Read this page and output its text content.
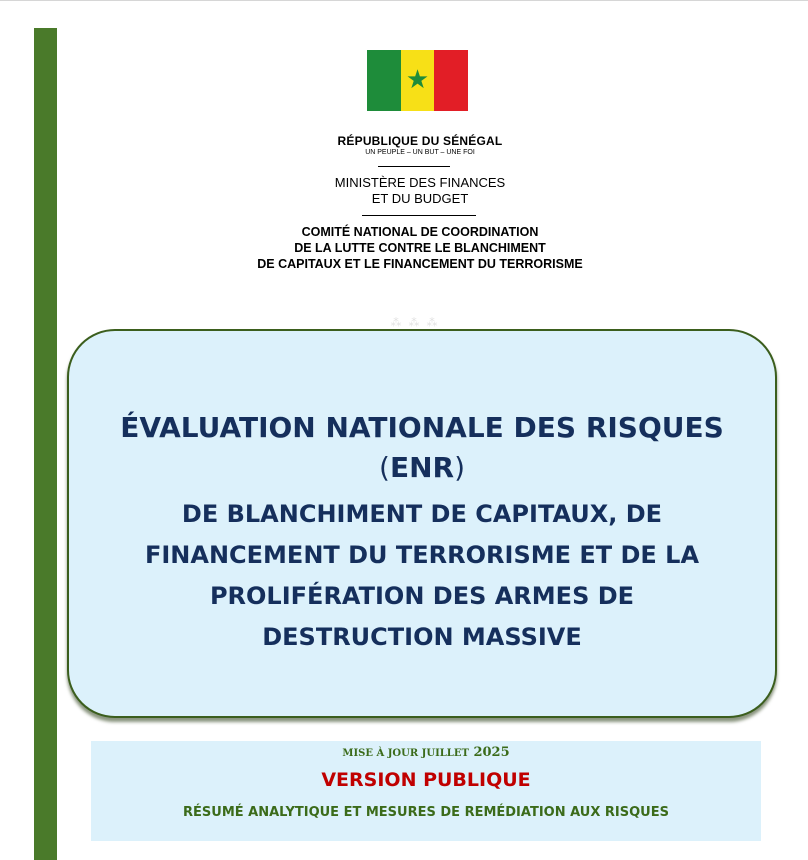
★
RÉPUBLIQUE DU SÉNÉGAL
UN PEUPLE – UN BUT – UNE FOI
MINISTÈRE DES FINANCES
ET DU BUDGET
COMITÉ NATIONAL DE COORDINATION
DE LA LUTTE CONTRE LE BLANCHIMENT
DE CAPITAUX ET LE FINANCEMENT DU TERRORISME
⁂ ⁂ ⁂
ÉVALUATION NATIONALE DES RISQUES
(ENR)
DE BLANCHIMENT DE CAPITAUX, DE
FINANCEMENT DU TERRORISME ET DE LA
PROLIFÉRATION DES ARMES DE
DESTRUCTION MASSIVE
MISE À JOUR JUILLET 2025
VERSION PUBLIQUE
RÉSUMÉ ANALYTIQUE ET MESURES DE REMÉDIATION AUX RISQUES
